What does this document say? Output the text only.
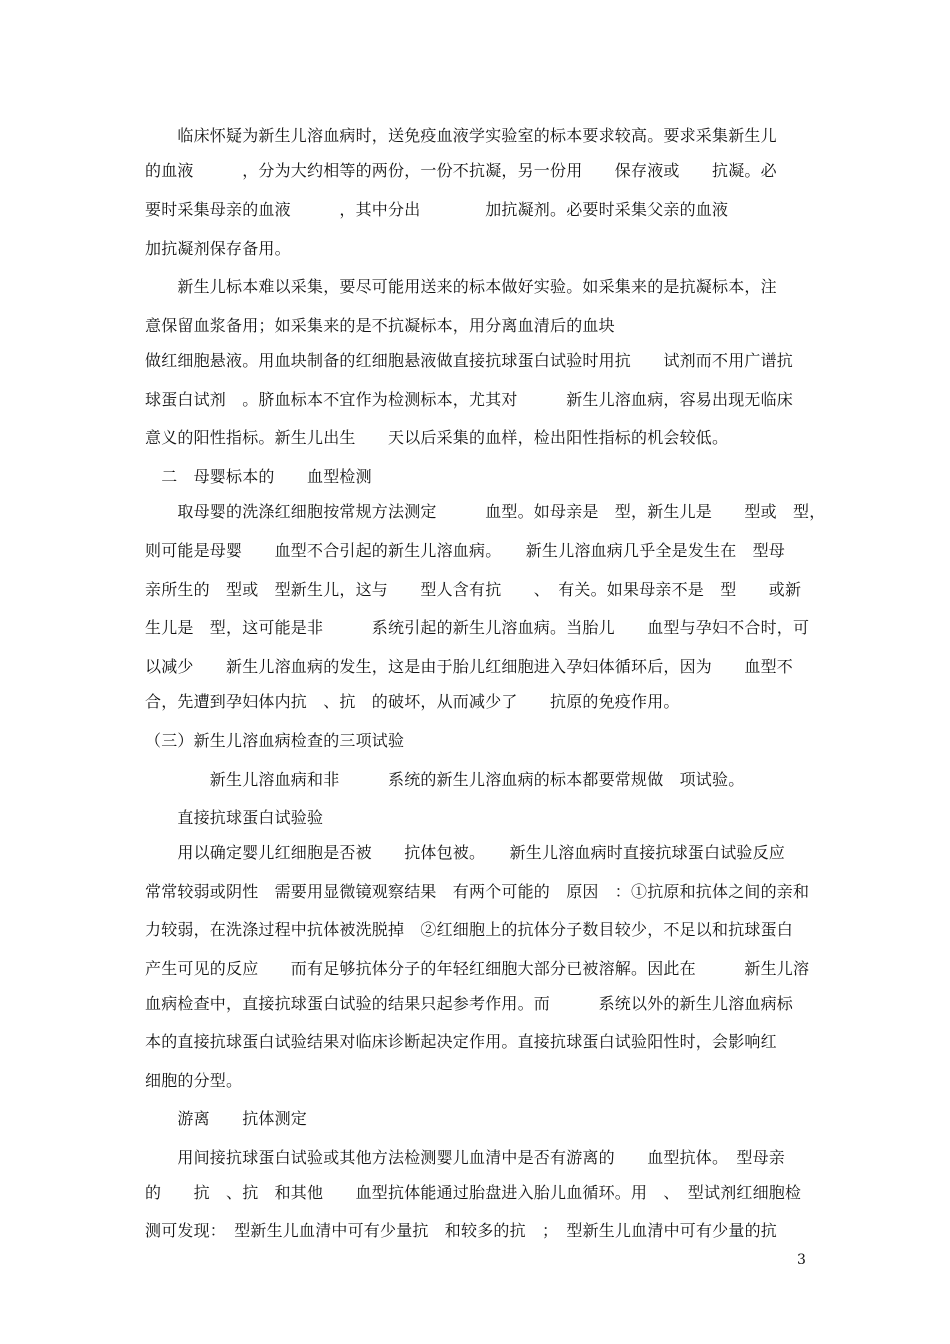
　　临床怀疑为新生儿溶血病时，送免疫血液学实验室的标本要求较高。要求采集新生儿
的血液　　　，分为大约相等的两份，一份不抗凝，另一份用　　保存液或　　抗凝。必
要时采集母亲的血液　　　，其中分出　　　　加抗凝剂。必要时采集父亲的血液
加抗凝剂保存备用。
　　新生儿标本难以采集，要尽可能用送来的标本做好实验。如采集来的是抗凝标本，注
意保留血浆备用；如采集来的是不抗凝标本，用分离血清后的血块
做红细胞悬液。用血块制备的红细胞悬液做直接抗球蛋白试验时用抗　　试剂而不用广谱抗
球蛋白试剂　。脐血标本不宜作为检测标本，尤其对　　　新生儿溶血病，容易出现无临床
意义的阳性指标。新生儿出生　　天以后采集的血样，检出阳性指标的机会较低。
　二　母婴标本的　　血型检测
　　取母婴的洗涤红细胞按常规方法测定　　　血型。如母亲是　型，新生儿是　　型或　型，
则可能是母婴　　血型不合引起的新生儿溶血病。　　新生儿溶血病几乎全是发生在　型母
亲所生的　型或　型新生儿，这与　　型人含有抗　　、　有关。如果母亲不是　型　　或新
生儿是　型，这可能是非　　　系统引起的新生儿溶血病。当胎儿　　血型与孕妇不合时，可
以减少　　新生儿溶血病的发生，这是由于胎儿红细胞进入孕妇体循环后，因为　　血型不
合，先遭到孕妇体内抗　、抗　的破坏，从而减少了　　抗原的免疫作用。
（三）新生儿溶血病检查的三项试验
　　　　新生儿溶血病和非　　　系统的新生儿溶血病的标本都要常规做　项试验。
　　直接抗球蛋白试验验
　　用以确定婴儿红细胞是否被　　抗体包被。　　新生儿溶血病时直接抗球蛋白试验反应
常常较弱或阴性　需要用显微镜观察结果　有两个可能的　原因　：①抗原和抗体之间的亲和
力较弱，在洗涤过程中抗体被洗脱掉　②红细胞上的抗体分子数目较少，不足以和抗球蛋白
产生可见的反应　　而有足够抗体分子的年轻红细胞大部分已被溶解。因此在　　　新生儿溶
血病检查中，直接抗球蛋白试验的结果只起参考作用。而　　　系统以外的新生儿溶血病标
本的直接抗球蛋白试验结果对临床诊断起决定作用。直接抗球蛋白试验阳性时，会影响红
细胞的分型。
　　游离　　抗体测定
　　用间接抗球蛋白试验或其他方法检测婴儿血清中是否有游离的　　血型抗体。　型母亲
的　　抗　、抗　和其他　　血型抗体能通过胎盘进入胎儿血循环。用　、　型试剂红细胞检
测可发现：　型新生儿血清中可有少量抗　和较多的抗　；　型新生儿血清中可有少量的抗
3
